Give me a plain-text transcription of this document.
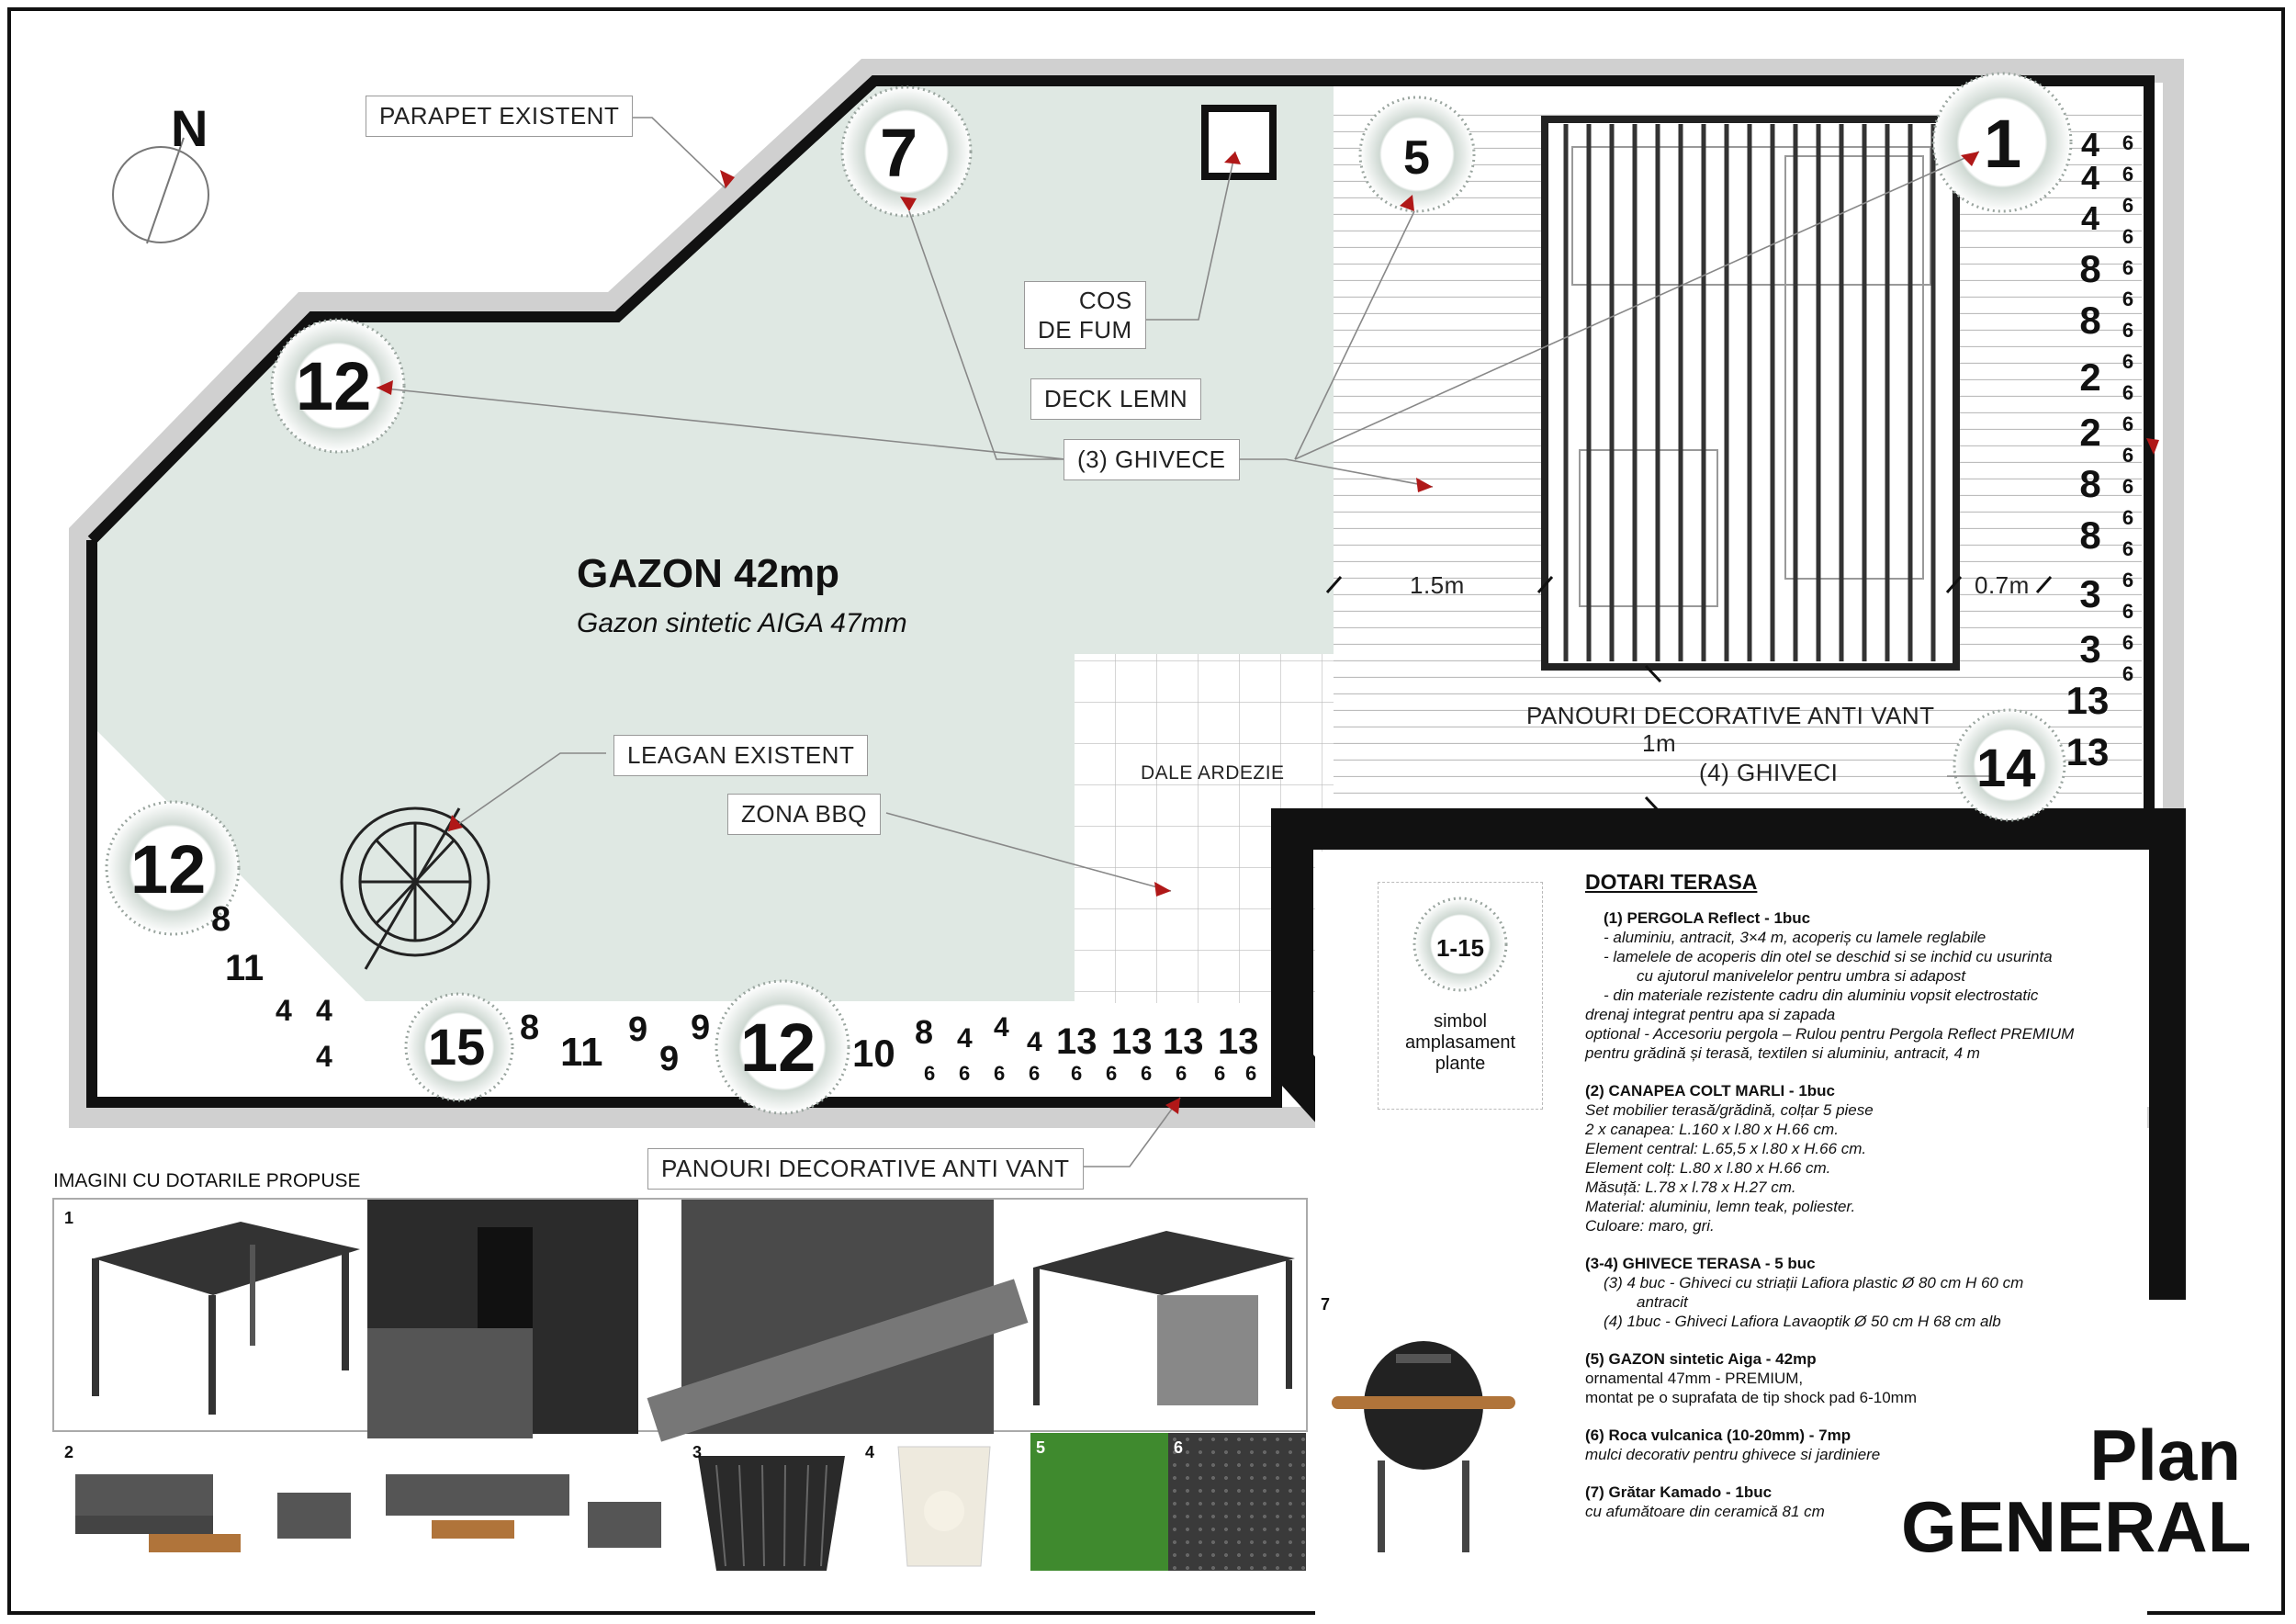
N	PARAPET EXISTENT
COS
DE FUM
DECK LEMN
(3) GHIVECE
LEAGAN EXISTENT
ZONA BBQ
DALE ARDEZIE
PANOURI DECORATIVE ANTI VANT
(4) GHIVECI
PANOURI DECORATIVE ANTI VANT
1.5m	0.7m
1m
GAZON 42mp
Gazon sintetic AIGA 47mm
7	5	1
12
12
12
14
15
4
4
4
8
8
2
2
8
8
3
3
13
13
6
6
6
6
6
6
6
6
6
6
6
6
6
6
6
6
6
6
8
11
4 4
4
8
11 9
9
9
10 8 4 4 4 13 13 13 13
6 6 6 6 6 6 6 6 6 6
1-15
simbol
amplasament
plante
DOTARI TERASA
(1) PERGOLA Reflect - 1buc
- aluminiu, antracit, 3×4 m, acoperiș cu lamele reglabile
- lamelele de acoperis din otel se deschid si se inchid cu usurinta
cu ajutorul manivelelor pentru umbra si adapost
- din materiale rezistente cadru din aluminiu vopsit electrostatic
drenaj integrat pentru apa si zapada
optional - Accesoriu pergola – Rulou pentru Pergola Reflect PREMIUM
pentru grădină și terasă, textilen si aluminiu, antracit, 4 m
(2) CANAPEA COLT MARLI - 1buc
Set mobilier terasă/grădină, colțar 5 piese
2 x canapea: L.160 x l.80 x H.66 cm.
Element central: L.65,5 x l.80 x H.66 cm.
Element colț: L.80 x l.80 x H.66 cm.
Măsuță: L.78 x l.78 x H.27 cm.
Material: aluminiu, lemn teak, poliester.
Culoare: maro, gri.
(3-4) GHIVECE TERASA - 5 buc
(3) 4 buc - Ghiveci cu striații Lafiora plastic Ø 80 cm H 60 cm
antracit
(4) 1buc - Ghiveci Lafiora Lavaoptik Ø 50 cm H 68 cm alb
(5) GAZON sintetic Aiga - 42mp
ornamental 47mm - PREMIUM,
montat pe o suprafata de tip shock pad 6-10mm
(6) Roca vulcanica (10-20mm) - 7mp
mulci decorativ pentru ghivece si jardiniere
(7) Grătar Kamado - 1buc
cu afumătoare din ceramică 81 cm
Plan
GENERAL
IMAGINI CU DOTARILE PROPUSE
1
7
2	3	4	5	6
